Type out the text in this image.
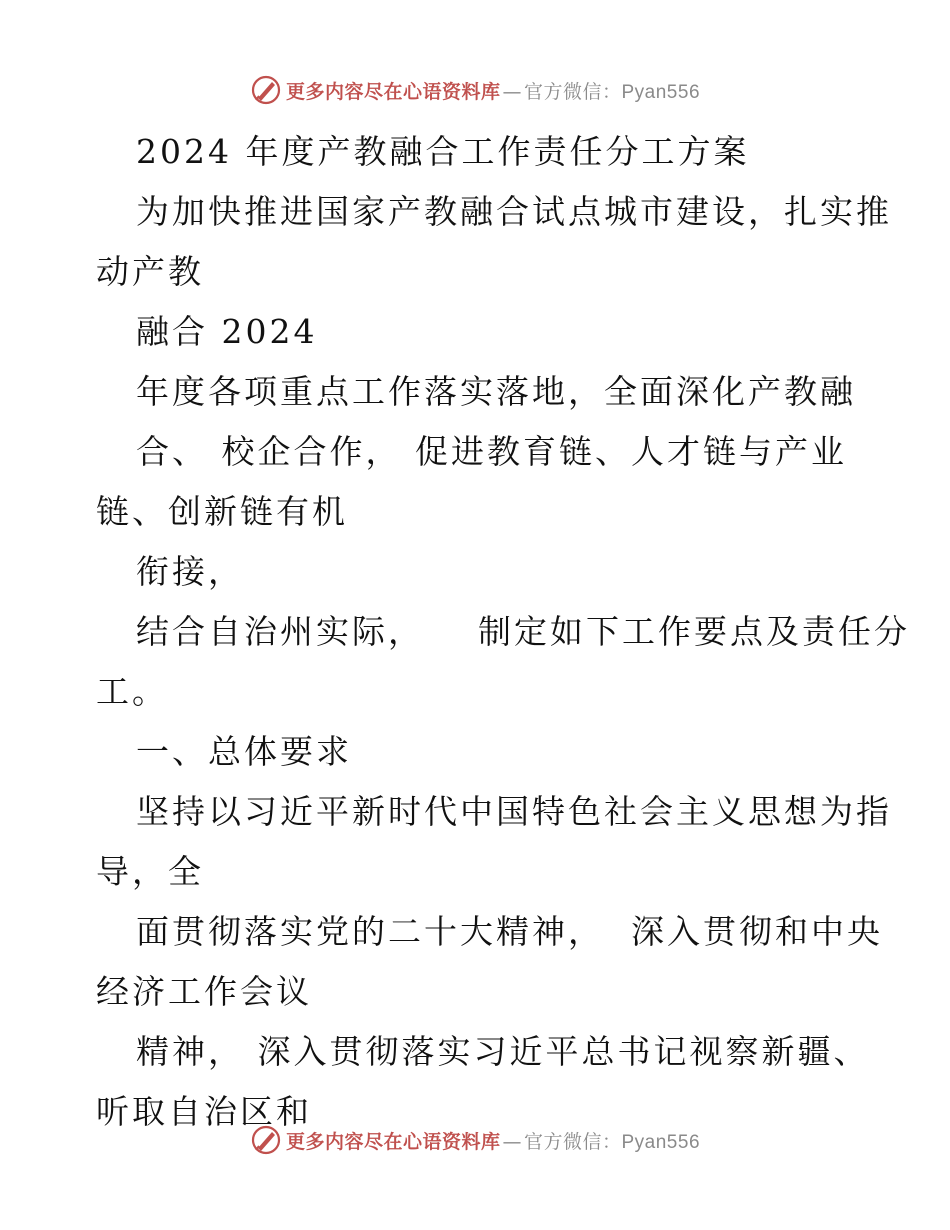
更多内容尽在心语资料库 — 官方微信：Pyan556
2024 年度产教融合工作责任分工方案
为加快推进国家产教融合试点城市建设，扎实推
动产教
融合 2024
年度各项重点工作落实落地，全面深化产教融
合、 校企合作， 促进教育链、人才链与产业
链、创新链有机
衔接，
结合自治州实际，    制定如下工作要点及责任分
工。
一、总体要求
坚持以习近平新时代中国特色社会主义思想为指
导，全
面贯彻落实党的二十大精神，  深入贯彻和中央
经济工作会议
精神， 深入贯彻落实习近平总书记视察新疆、
听取自治区和
更多内容尽在心语资料库 — 官方微信：Pyan556
